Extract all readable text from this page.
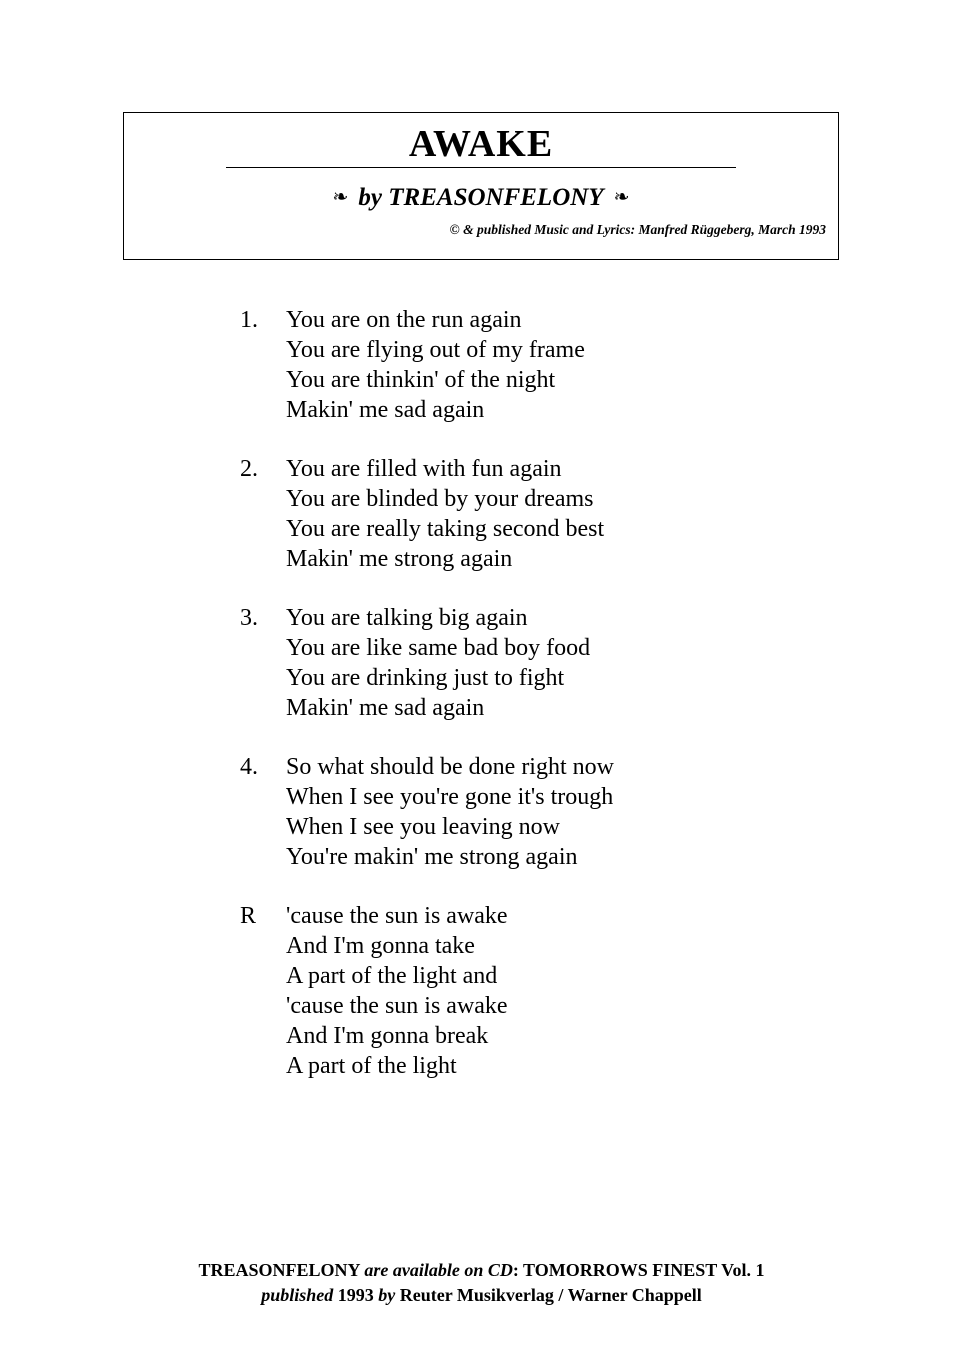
AWAKE
❧ by TREASONFELONY ❧
© & published Music and Lyrics: Manfred Rüggeberg, March 1993
1.	You are on the run again
You are flying out of my frame
You are thinkin' of the night
Makin' me sad again
2.	You are filled with fun again
You are blinded by your dreams
You are really taking second best
Makin' me strong again
3.	You are talking big again
You are like same bad boy food
You are drinking just to fight
Makin' me sad again
4.	So what should be done right now
When I see you're gone it's trough
When I see you leaving now
You're makin' me strong again
R	'cause the sun is awake
And I'm gonna take
A part of the light and
'cause the sun is awake
And I'm gonna break
A part of the light
TREASONFELONY are available on CD: TOMORROWS FINEST Vol. 1
published 1993 by Reuter Musikverlag / Warner Chappell
